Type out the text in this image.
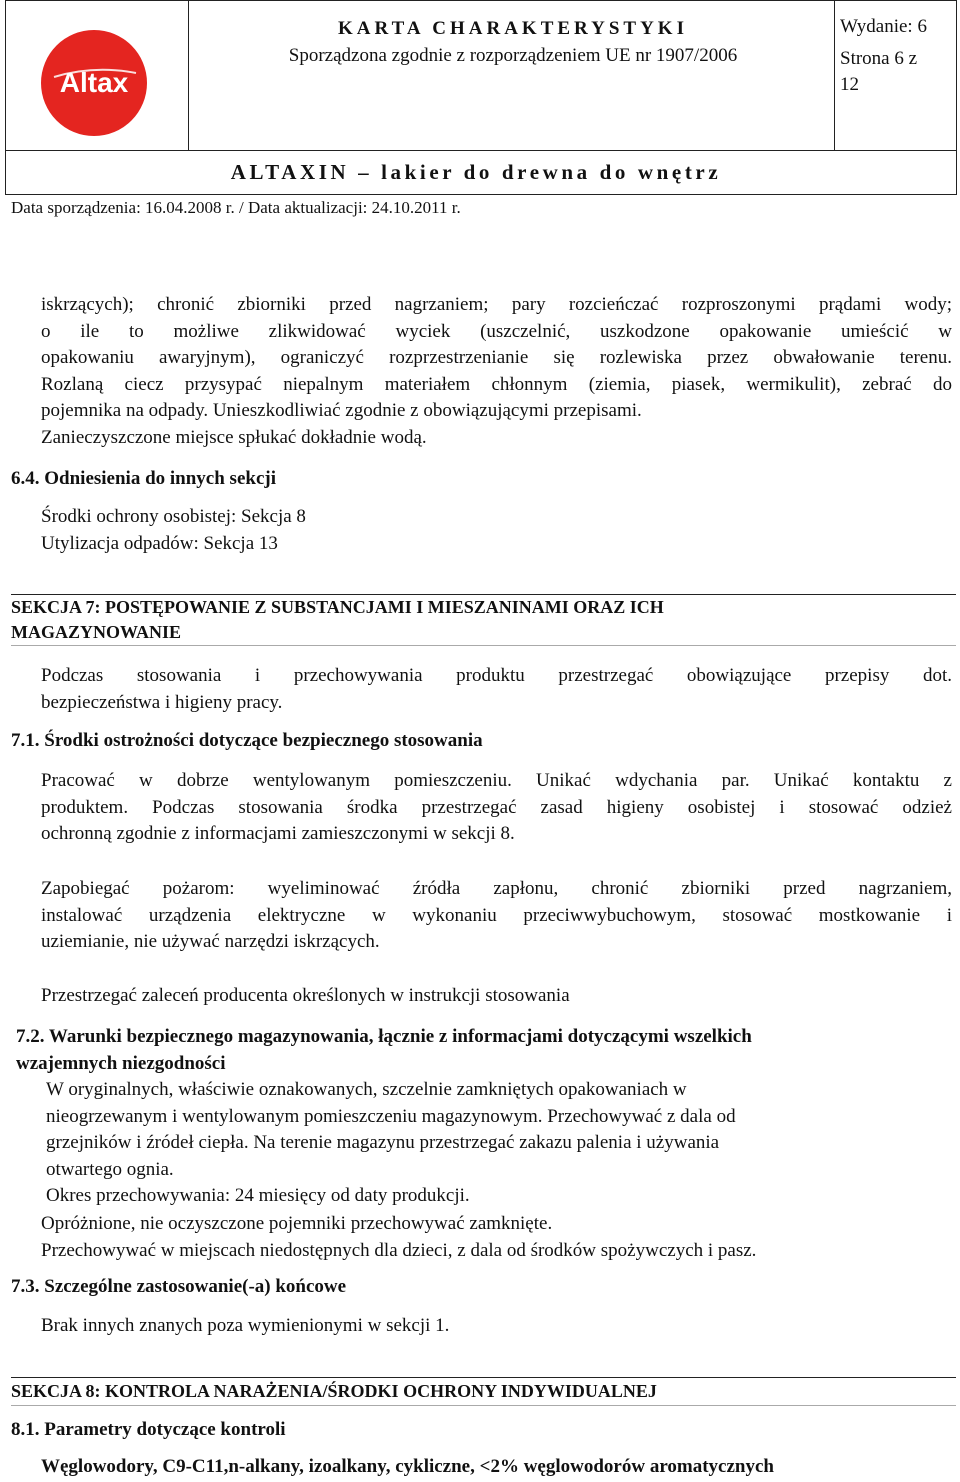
Altax
KARTA CHARAKTERYSTYKI
Sporządzona zgodnie z rozporządzeniem UE nr 1907/2006
Wydanie: 6
Strona 6 z
12
ALTAXIN – lakier do drewna do wnętrz
Data sporządzenia: 16.04.2008 r. / Data aktualizacji: 24.10.2011 r.
iskrzących); chronić zbiorniki przed nagrzaniem; pary rozcieńczać rozproszonymi prądami wody;
o ile to możliwe zlikwidować wyciek (uszczelnić, uszkodzone opakowanie umieścić w
opakowaniu awaryjnym), ograniczyć rozprzestrzenianie się rozlewiska przez obwałowanie terenu.
Rozlaną ciecz przysypać niepalnym materiałem chłonnym (ziemia, piasek, wermikulit), zebrać do
pojemnika na odpady. Unieszkodliwiać zgodnie z obowiązującymi przepisami.
Zanieczyszczone miejsce spłukać dokładnie wodą.
6.4. Odniesienia do innych sekcji
Środki ochrony osobistej: Sekcja 8
Utylizacja odpadów: Sekcja 13
SEKCJA 7: POSTĘPOWANIE Z SUBSTANCJAMI I MIESZANINAMI ORAZ ICH
MAGAZYNOWANIE
Podczas stosowania i przechowywania produktu przestrzegać obowiązujące przepisy dot.
bezpieczeństwa i higieny pracy.
7.1. Środki ostrożności dotyczące bezpiecznego stosowania
Pracować w dobrze wentylowanym pomieszczeniu. Unikać wdychania par. Unikać kontaktu z
produktem. Podczas stosowania środka przestrzegać zasad higieny osobistej i stosować odzież
ochronną zgodnie z informacjami zamieszczonymi w sekcji 8.
Zapobiegać pożarom: wyeliminować źródła zapłonu, chronić zbiorniki przed nagrzaniem,
instalować urządzenia elektryczne w wykonaniu przeciwwybuchowym, stosować mostkowanie i
uziemianie, nie używać narzędzi iskrzących.
Przestrzegać zaleceń producenta określonych w instrukcji stosowania
7.2. Warunki bezpiecznego magazynowania, łącznie z informacjami dotyczącymi wszelkich
wzajemnych niezgodności
W oryginalnych, właściwie oznakowanych, szczelnie zamkniętych opakowaniach w
nieogrzewanym i wentylowanym pomieszczeniu magazynowym. Przechowywać z dala od
grzejników i źródeł ciepła. Na terenie magazynu przestrzegać zakazu palenia i używania
otwartego ognia.
Okres przechowywania: 24 miesięcy od daty produkcji.
Opróżnione, nie oczyszczone pojemniki przechowywać zamknięte.
Przechowywać w miejscach niedostępnych dla dzieci, z dala od środków spożywczych i pasz.
7.3. Szczególne zastosowanie(-a) końcowe
Brak innych znanych poza wymienionymi w sekcji 1.
SEKCJA 8: KONTROLA NARAŻENIA/ŚRODKI OCHRONY INDYWIDUALNEJ
8.1. Parametry dotyczące kontroli
Węglowodory, C9-C11,n-alkany, izoalkany, cykliczne, <2% węglowodorów aromatycznych
